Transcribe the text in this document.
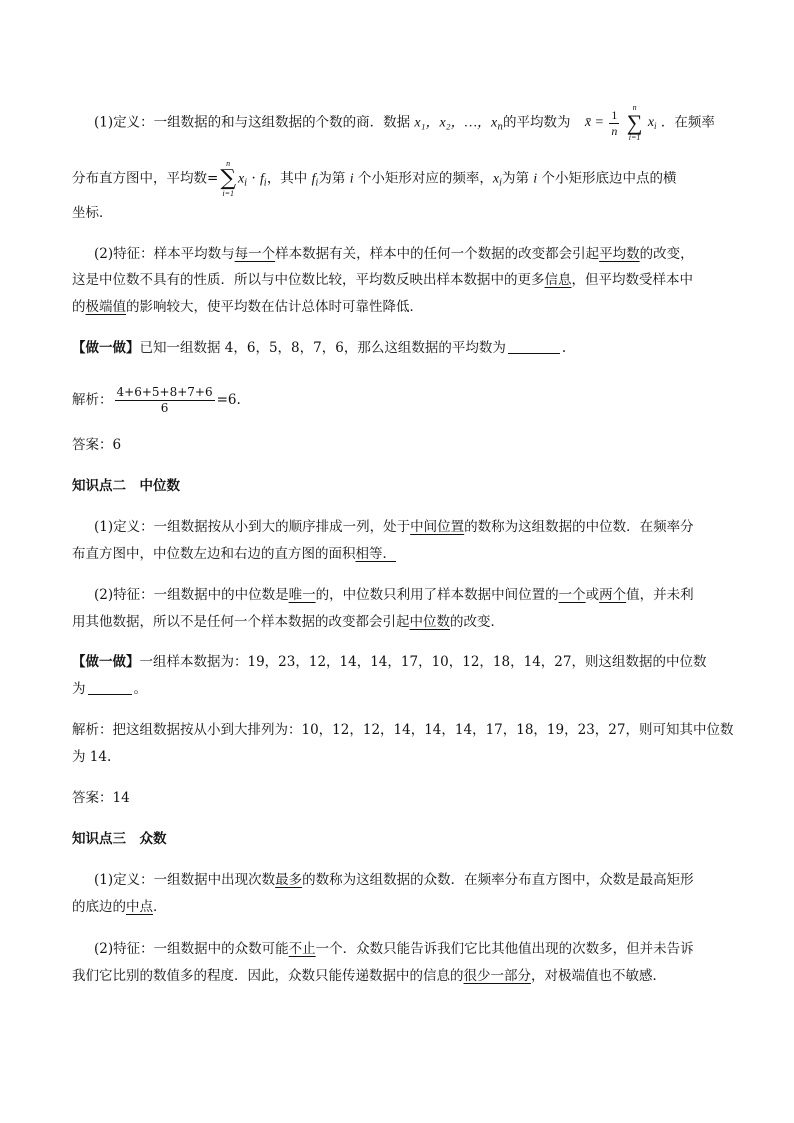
(1)定义：一组数据的和与这组数据的个数的商．数据 x₁，x₂，…，$x_n$的平均数为 x̄ = $\frac{1}{n}$
n
∑
i=1
$x_i$ ．在频率
分布直方图中，平均数=
n
∑
i=1
$x_i \cdot f_i$，其中 $f_i$为第 i 个小矩形对应的频率，$x_i$为第 i 个小矩形底边中点的横
坐标．
(2)特征：样本平均数与每一个样本数据有关，样本中的任何一个数据的改变都会引起平均数的改变，
这是中位数不具有的性质．所以与中位数比较，平均数反映出样本数据中的更多信息，但平均数受样本中
的极端值的影响较大，使平均数在估计总体时可靠性降低．
【做一做】已知一组数据 4，6，5，8，7，6，那么这组数据的平均数为	.
解析： $\frac{4+6+5+8+7+6}{6} =6$.
答案：6
知识点二　中位数
(1)定义：一组数据按从小到大的顺序排成一列，处于中间位置的数称为这组数据的中位数．在频率分
布直方图中，中位数左边和右边的直方图的面积相等．
(2)特征：一组数据中的中位数是唯一的，中位数只利用了样本数据中间位置的一个或两个值，并未利
用其他数据，所以不是任何一个样本数据的改变都会引起中位数的改变．
【做一做】一组样本数据为：19，23，12，14，14，17，10，12，18，14，27，则这组数据的中位数
为	。
解析：把这组数据按从小到大排列为：10，12，12，14，14，14，17，18，19，23，27，则可知其中位数
为 14.
答案：14
知识点三　众数
(1)定义：一组数据中出现次数最多的数称为这组数据的众数．在频率分布直方图中，众数是最高矩形
的底边的中点．
(2)特征：一组数据中的众数可能不止一个．众数只能告诉我们它比其他值出现的次数多，但并未告诉
我们它比别的数值多的程度．因此，众数只能传递数据中的信息的很少一部分，对极端值也不敏感．
